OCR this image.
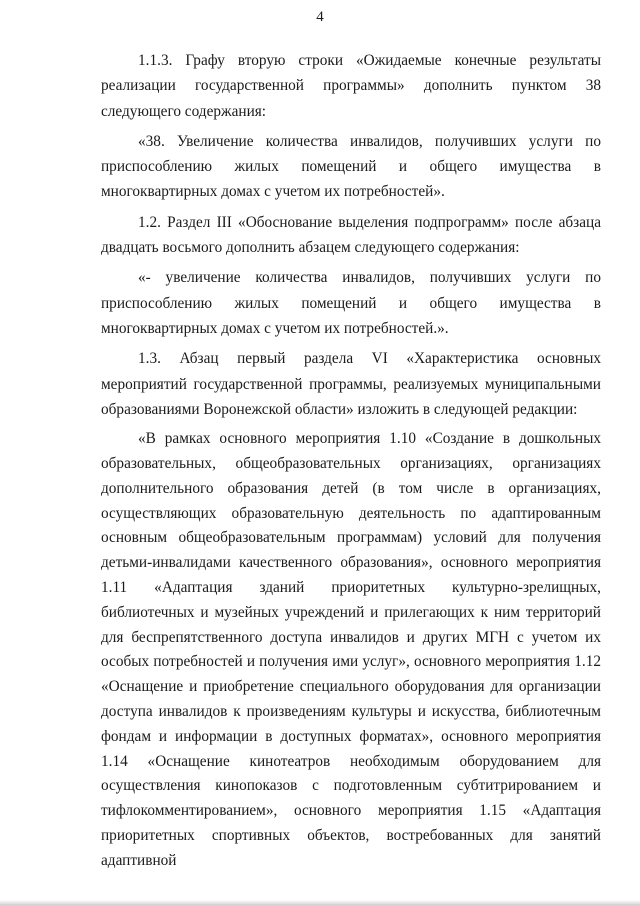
4

1.1.3. Графу вторую строки «Ожидаемые конечные результаты реализации государственной программы» дополнить пунктом 38 следующего содержания:

«38. Увеличение количества инвалидов, получивших услуги по приспособлению жилых помещений и общего имущества в многоквартирных домах с учетом их потребностей».

1.2. Раздел III «Обоснование выделения подпрограмм» после абзаца двадцать восьмого дополнить абзацем следующего содержания:

«- увеличение количества инвалидов, получивших услуги по приспособлению жилых помещений и общего имущества в многоквартирных домах с учетом их потребностей.».

1.3. Абзац первый раздела VI «Характеристика основных мероприятий государственной программы, реализуемых муниципальными образованиями Воронежской области» изложить в следующей редакции:

«В рамках основного мероприятия 1.10 «Создание в дошкольных образовательных, общеобразовательных организациях, организациях дополнительного образования детей (в том числе в организациях, осуществляющих образовательную деятельность по адаптированным основным общеобразовательным программам) условий для получения детьми-инвалидами качественного образования», основного мероприятия 1.11 «Адаптация зданий приоритетных культурно-зрелищных, библиотечных и музейных учреждений и прилегающих к ним территорий для беспрепятственного доступа инвалидов и других МГН с учетом их особых потребностей и получения ими услуг», основного мероприятия 1.12 «Оснащение и приобретение специального оборудования для организации доступа инвалидов к произведениям культуры и искусства, библиотечным фондам и информации в доступных форматах», основного мероприятия 1.14 «Оснащение кинотеатров необходимым оборудованием для осуществления кинопоказов с подготовленным субтитрированием и тифлокомментированием», основного мероприятия 1.15 «Адаптация приоритетных спортивных объектов, востребованных для занятий адаптивной
